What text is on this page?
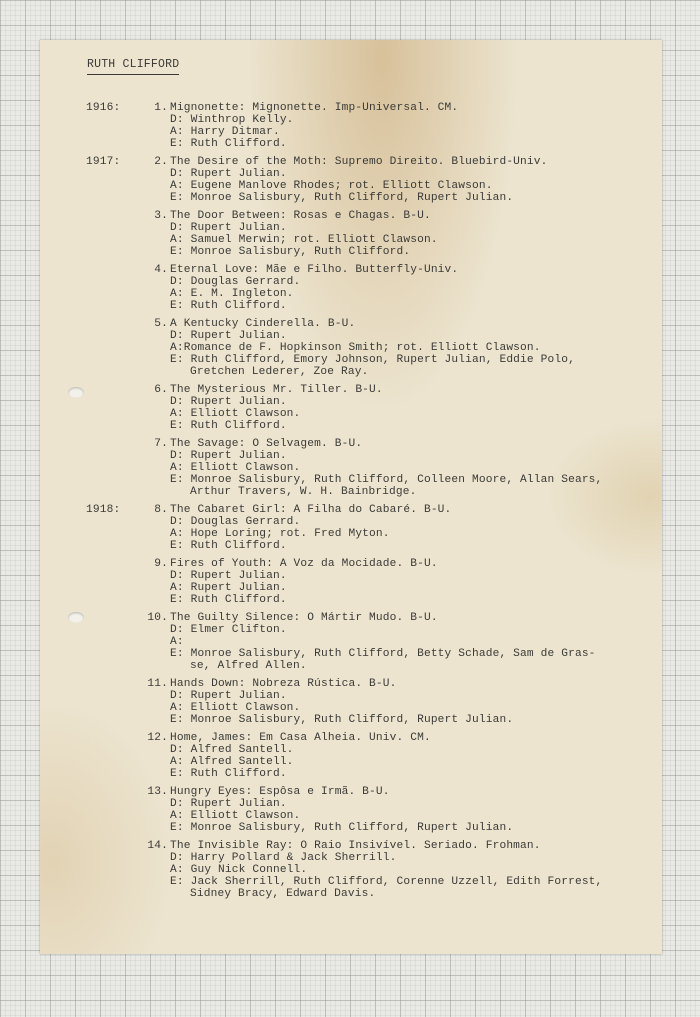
RUTH CLIFFORD
1916:	1. Mignonette: Mignonette. Imp-Universal. CM.
D: Winthrop Kelly.
A: Harry Ditmar.
E: Ruth Clifford.
1917:	2. The Desire of the Moth: Supremo Direito. Bluebird-Univ.
D: Rupert Julian.
A: Eugene Manlove Rhodes; rot. Elliott Clawson.
E: Monroe Salisbury, Ruth Clifford, Rupert Julian.
3. The Door Between: Rosas e Chagas. B-U.
D: Rupert Julian.
A: Samuel Merwin; rot. Elliott Clawson.
E: Monroe Salisbury, Ruth Clifford.
4. Eternal Love: Mãe e Filho. Butterfly-Univ.
D: Douglas Gerrard.
A: E. M. Ingleton.
E: Ruth Clifford.
5. A Kentucky Cinderella. B-U.
D: Rupert Julian.
A:Romance de F. Hopkinson Smith; rot. Elliott Clawson.
E: Ruth Clifford, Emory Johnson, Rupert Julian, Eddie Polo,
Gretchen Lederer, Zoe Ray.
6. The Mysterious Mr. Tiller. B-U.
D: Rupert Julian.
A: Elliott Clawson.
E: Ruth Clifford.
7. The Savage: O Selvagem. B-U.
D: Rupert Julian.
A: Elliott Clawson.
E: Monroe Salisbury, Ruth Clifford, Colleen Moore, Allan Sears,
Arthur Travers, W. H. Bainbridge.
1918:	8. The Cabaret Girl: A Filha do Cabaré. B-U.
D: Douglas Gerrard.
A: Hope Loring; rot. Fred Myton.
E: Ruth Clifford.
9. Fires of Youth: A Voz da Mocidade. B-U.
D: Rupert Julian.
A: Rupert Julian.
E: Ruth Clifford.
10. The Guilty Silence: O Mártir Mudo. B-U.
D: Elmer Clifton.
A:
E: Monroe Salisbury, Ruth Clifford, Betty Schade, Sam de Gras-
se, Alfred Allen.
11. Hands Down: Nobreza Rústica. B-U.
D: Rupert Julian.
A: Elliott Clawson.
E: Monroe Salisbury, Ruth Clifford, Rupert Julian.
12. Home, James: Em Casa Alheia. Univ. CM.
D: Alfred Santell.
A: Alfred Santell.
E: Ruth Clifford.
13. Hungry Eyes: Espôsa e Irmã. B-U.
D: Rupert Julian.
A: Elliott Clawson.
E: Monroe Salisbury, Ruth Clifford, Rupert Julian.
14. The Invisible Ray: O Raio Insivível. Seriado. Frohman.
D: Harry Pollard & Jack Sherrill.
A: Guy Nick Connell.
E: Jack Sherrill, Ruth Clifford, Corenne Uzzell, Edith Forrest,
Sidney Bracy, Edward Davis.
